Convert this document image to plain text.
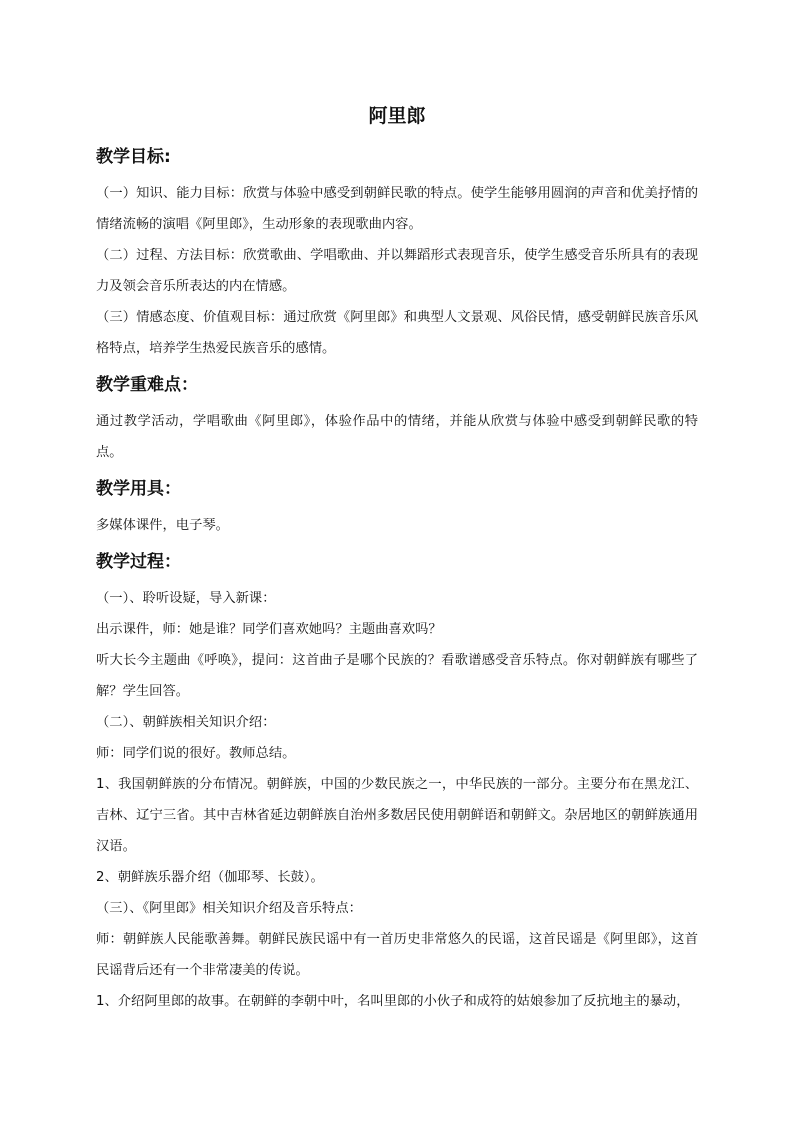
阿里郎
教学目标:

（一）知识、能力目标：欣赏与体验中感受到朝鲜民歌的特点。使学生能够用圆润的声音和优美抒情的情绪流畅的演唱《阿里郎》，生动形象的表现歌曲内容。

（二）过程、方法目标：欣赏歌曲、学唱歌曲、并以舞蹈形式表现音乐，使学生感受音乐所具有的表现力及领会音乐所表达的内在情感。

（三）情感态度、价值观目标：通过欣赏《阿里郎》和典型人文景观、风俗民情，感受朝鲜民族音乐风格特点，培养学生热爱民族音乐的感情。

教学重难点：

通过教学活动，学唱歌曲《阿里郎》，体验作品中的情绪，并能从欣赏与体验中感受到朝鲜民歌的特点。

教学用具：

多媒体课件，电子琴。

教学过程：

（一）、聆听设疑，导入新课：

出示课件，师：她是谁？同学们喜欢她吗？主题曲喜欢吗？

听大长今主题曲《呼唤》，提问：这首曲子是哪个民族的？看歌谱感受音乐特点。你对朝鲜族有哪些了解？学生回答。

（二）、朝鲜族相关知识介绍：

师：同学们说的很好。教师总结。

1、我国朝鲜族的分布情况。朝鲜族，中国的少数民族之一，中华民族的一部分。主要分布在黑龙江、吉林、辽宁三省。其中吉林省延边朝鲜族自治州多数居民使用朝鲜语和朝鲜文。杂居地区的朝鲜族通用汉语。

2、朝鲜族乐器介绍（伽耶琴、长鼓）。

（三）、《阿里郎》相关知识介绍及音乐特点：

师：朝鲜族人民能歌善舞。朝鲜民族民谣中有一首历史非常悠久的民谣，这首民谣是《阿里郎》，这首民谣背后还有一个非常凄美的传说。

1、介绍阿里郎的故事。在朝鲜的李朝中叶，名叫里郎的小伙子和成符的姑娘参加了反抗地主的暴动，
